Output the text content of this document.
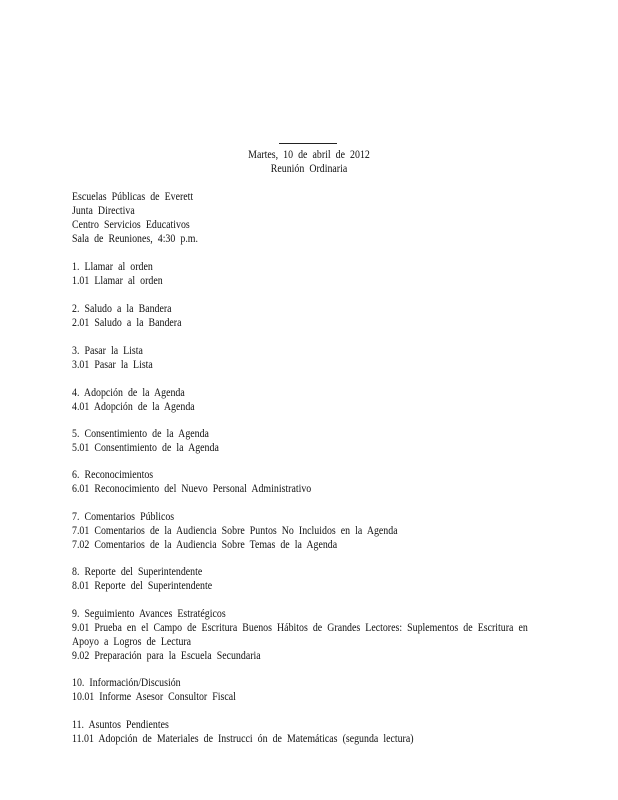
Martes, 10 de abril de 2012
Reunión Ordinaria
Escuelas Públicas de Everett
Junta Directiva
Centro Servicios Educativos
Sala de Reuniones, 4:30 p.m.
1. Llamar al orden
1.01 Llamar al orden
2. Saludo a la Bandera
2.01 Saludo a la Bandera
3. Pasar la Lista
3.01 Pasar la Lista
4. Adopción de la Agenda
4.01 Adopción de la Agenda
5. Consentimiento de la Agenda
5.01 Consentimiento de la Agenda
6. Reconocimientos
6.01 Reconocimiento del Nuevo Personal Administrativo
7. Comentarios Públicos
7.01 Comentarios de la Audiencia Sobre Puntos No Incluidos en la Agenda
7.02 Comentarios de la Audiencia Sobre Temas de la Agenda
8. Reporte del Superintendente
8.01 Reporte del Superintendente
9. Seguimiento Avances Estratégicos
9.01 Prueba en el Campo de Escritura Buenos Hábitos de Grandes Lectores: Suplementos de Escritura en Apoyo a Logros de Lectura
9.02 Preparación para la Escuela Secundaria
10. Información/Discusión
10.01 Informe Asesor Consultor Fiscal
11. Asuntos Pendientes
11.01 Adopción de Materiales de Instrucci ón de Matemáticas (segunda lectura)
